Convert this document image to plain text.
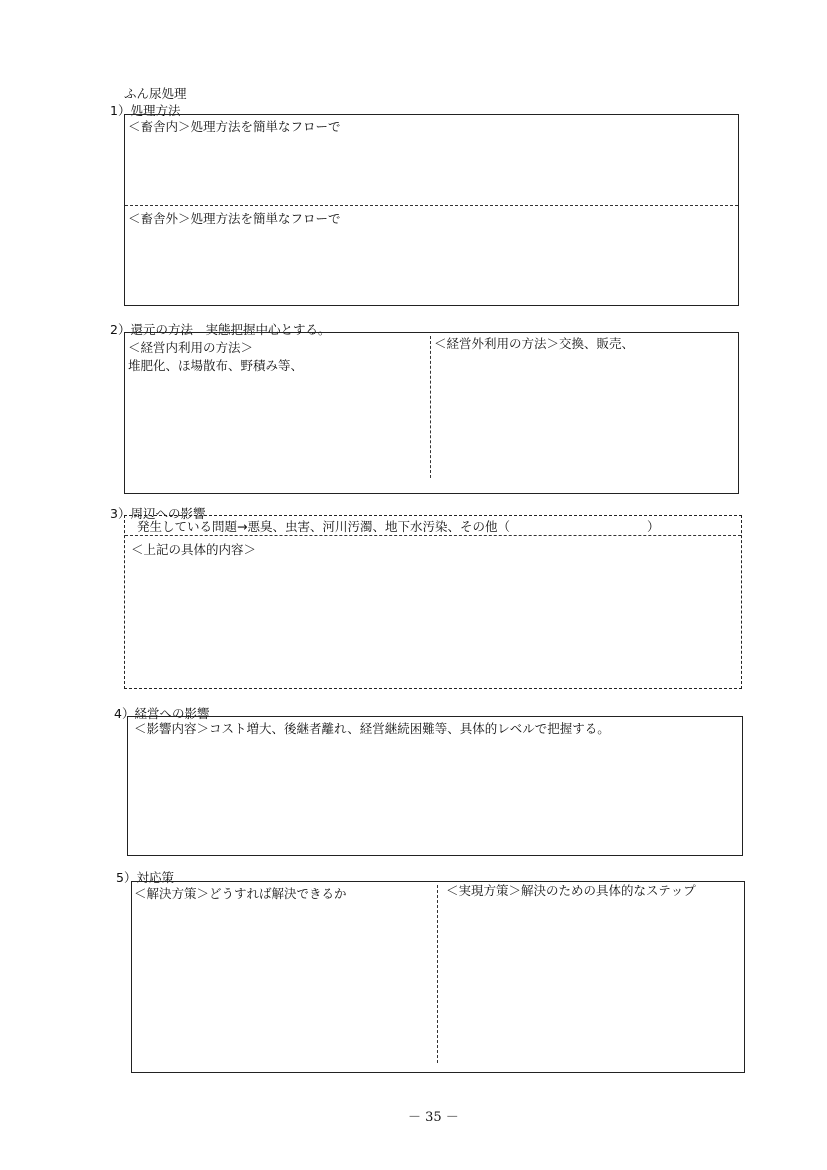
ふん尿処理
1）処理方法
＜畜舎内＞処理方法を簡単なフローで
＜畜舎外＞処理方法を簡単なフローで
2）還元の方法　実態把握中心とする。
＜経営内利用の方法＞
堆肥化、ほ場散布、野積み等、
＜経営外利用の方法＞交換、販売、
3）周辺への影響
発生している問題→悪臭、虫害、河川汚濁、地下水汚染、その他（	）
＜上記の具体的内容＞
4）経営への影響
＜影響内容＞コスト増大、後継者離れ、経営継続困難等、具体的レベルで把握する。
5）対応策
＜解決方策＞どうすれば解決できるか	＜実現方策＞解決のための具体的なステップ
－ 35 －
